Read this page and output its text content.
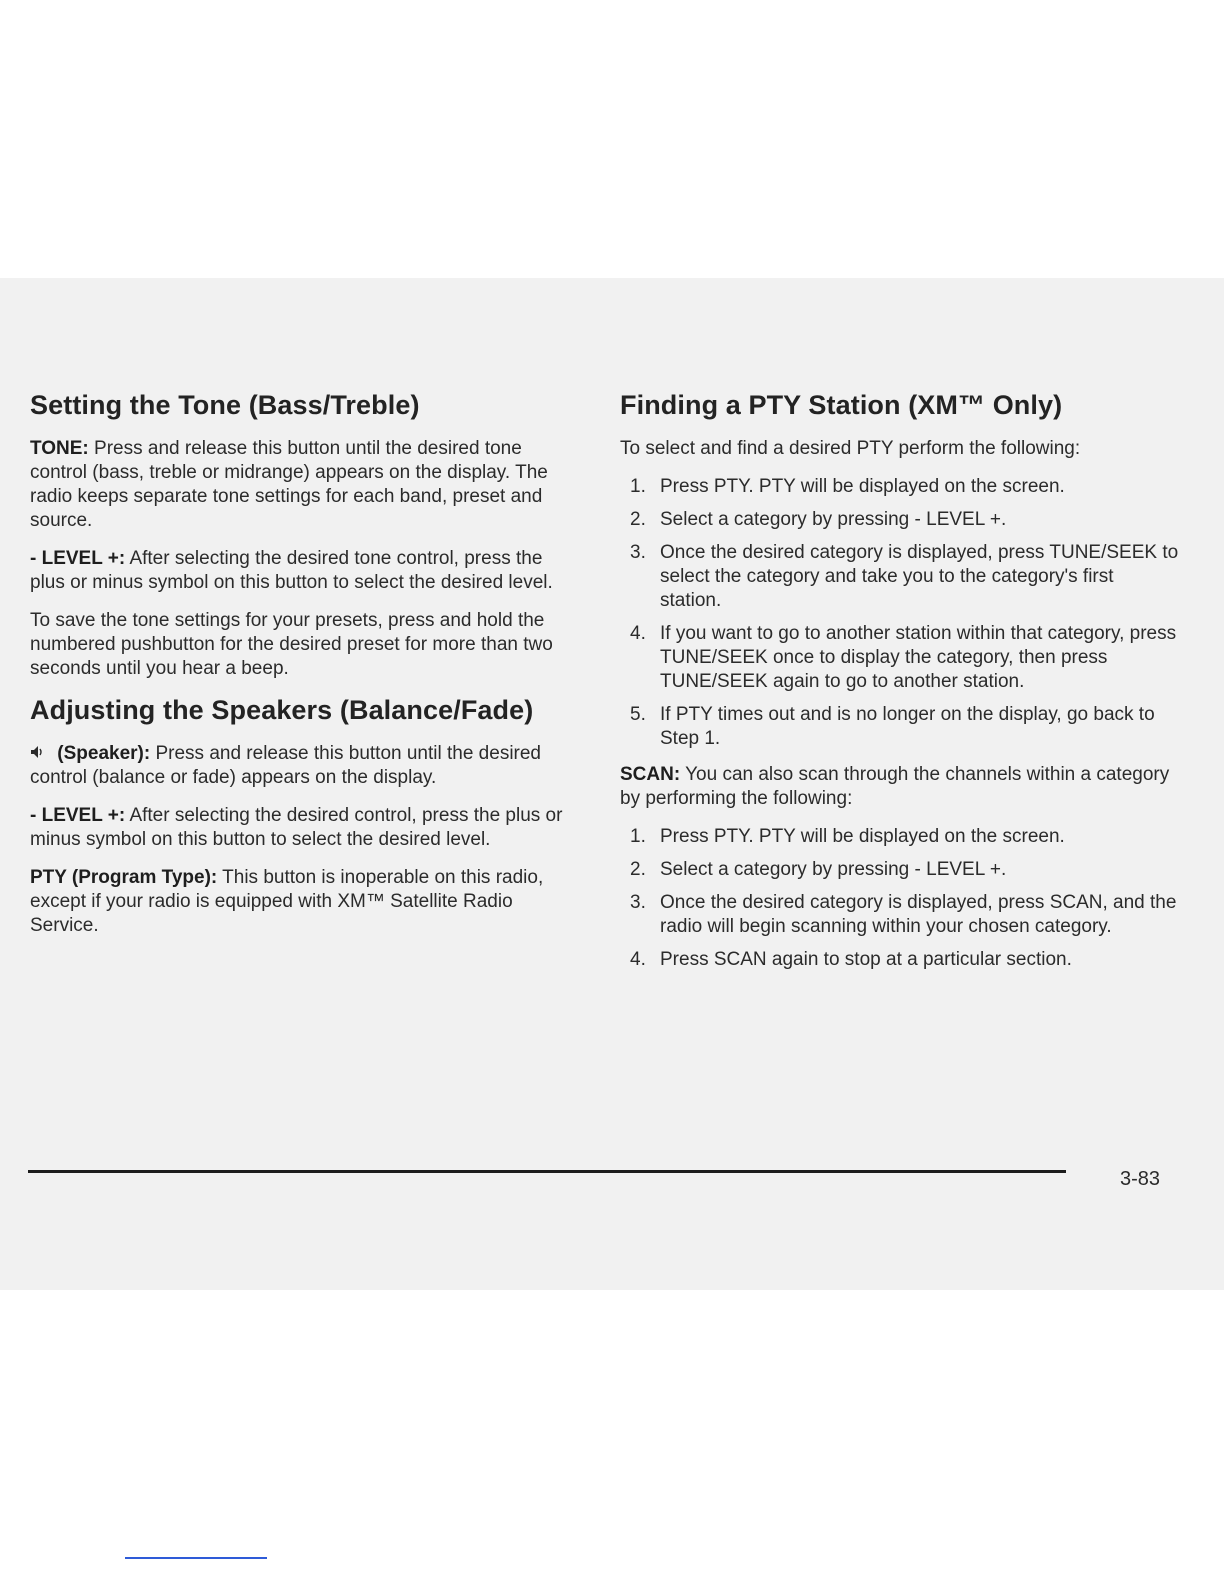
Setting the Tone (Bass/Treble)

TONE: Press and release this button until the desired tone control (bass, treble or midrange) appears on the display. The radio keeps separate tone settings for each band, preset and source.

- LEVEL +: After selecting the desired tone control, press the plus or minus symbol on this button to select the desired level.

To save the tone settings for your presets, press and hold the numbered pushbutton for the desired preset for more than two seconds until you hear a beep.

Adjusting the Speakers (Balance/Fade)

(Speaker): Press and release this button until the desired control (balance or fade) appears on the display.

- LEVEL +: After selecting the desired control, press the plus or minus symbol on this button to select the desired level.

PTY (Program Type): This button is inoperable on this radio, except if your radio is equipped with XM™ Satellite Radio Service.

Finding a PTY Station (XM™ Only)

To select and find a desired PTY perform the following:

1. Press PTY. PTY will be displayed on the screen.
2. Select a category by pressing - LEVEL +.
3. Once the desired category is displayed, press TUNE/SEEK to select the category and take you to the category's first station.
4. If you want to go to another station within that category, press TUNE/SEEK once to display the category, then press TUNE/SEEK again to go to another station.
5. If PTY times out and is no longer on the display, go back to Step 1.

SCAN: You can also scan through the channels within a category by performing the following:

1. Press PTY. PTY will be displayed on the screen.
2. Select a category by pressing - LEVEL +.
3. Once the desired category is displayed, press SCAN, and the radio will begin scanning within your chosen category.
4. Press SCAN again to stop at a particular section.
3-83
